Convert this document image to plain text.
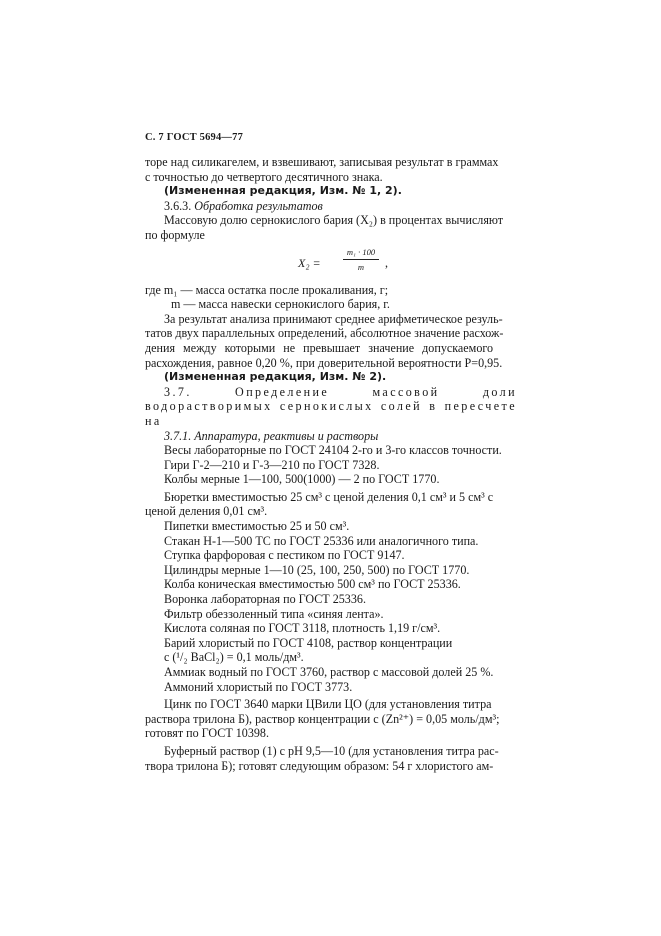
С. 7 ГОСТ 5694—77

торе над силикагелем, и взвешивают, записывая результат в граммах

с точностью до четвертого десятичного знака.

(Измененная редакция, Изм. № 1, 2).

3.6.3. Обработка результатов

Массовую долю сернокислого бария (X₂) в процентах вычисляют

по формуле

X₂ =
m₁ · 100
m	,

где m₁ — масса остатка после прокаливания, г;

m — масса навески сернокислого бария, г.

За результат анализа принимают среднее арифметическое резуль-

татов двух параллельных определений, абсолютное значение расхож-

дения между которыми не превышает значение допускаемого

расхождения, равное 0,20 %, при доверительной вероятности P=0,95.

(Измененная редакция, Изм. № 2).

3.7. Определение массовой доли водорастворимых сернокислых солей в пересчете на

3.7.1. Аппаратура, реактивы и растворы

Весы лабораторные по ГОСТ 24104 2-го и 3-го классов точности.

Гири Г-2—210 и Г-3—210 по ГОСТ 7328.

Колбы мерные 1—100, 500(1000) — 2 по ГОСТ 1770.

Бюретки вместимостью 25 см³ с ценой деления 0,1 см³ и 5 см³ с

ценой деления 0,01 см³.

Пипетки вместимостью 25 и 50 см³.

Стакан Н-1—500 ТС по ГОСТ 25336 или аналогичного типа.

Ступка фарфоровая с пестиком по ГОСТ 9147.

Цилиндры мерные 1—10 (25, 100, 250, 500) по ГОСТ 1770.

Колба коническая вместимостью 500 см³ по ГОСТ 25336.

Воронка лабораторная по ГОСТ 25336.

Фильтр обеззоленный типа «синяя лента».

Кислота соляная по ГОСТ 3118, плотность 1,19 г/см³.

Барий хлористый по ГОСТ 4108, раствор концентрации

c (¹/₂ BaCl₂) = 0,1 моль/дм³.

Аммиак водный по ГОСТ 3760, раствор с массовой долей 25 %.

Аммоний хлористый по ГОСТ 3773.

Цинк по ГОСТ 3640 марки ЦВили ЦО (для установления титра

раствора трилона Б), раствор концентрации c (Zn²⁺) = 0,05 моль/дм³;

готовят по ГОСТ 10398.

Буферный раствор (1) с рН 9,5—10 (для установления титра рас-

твора трилона Б); готовят следующим образом: 54 г хлористого ам-
